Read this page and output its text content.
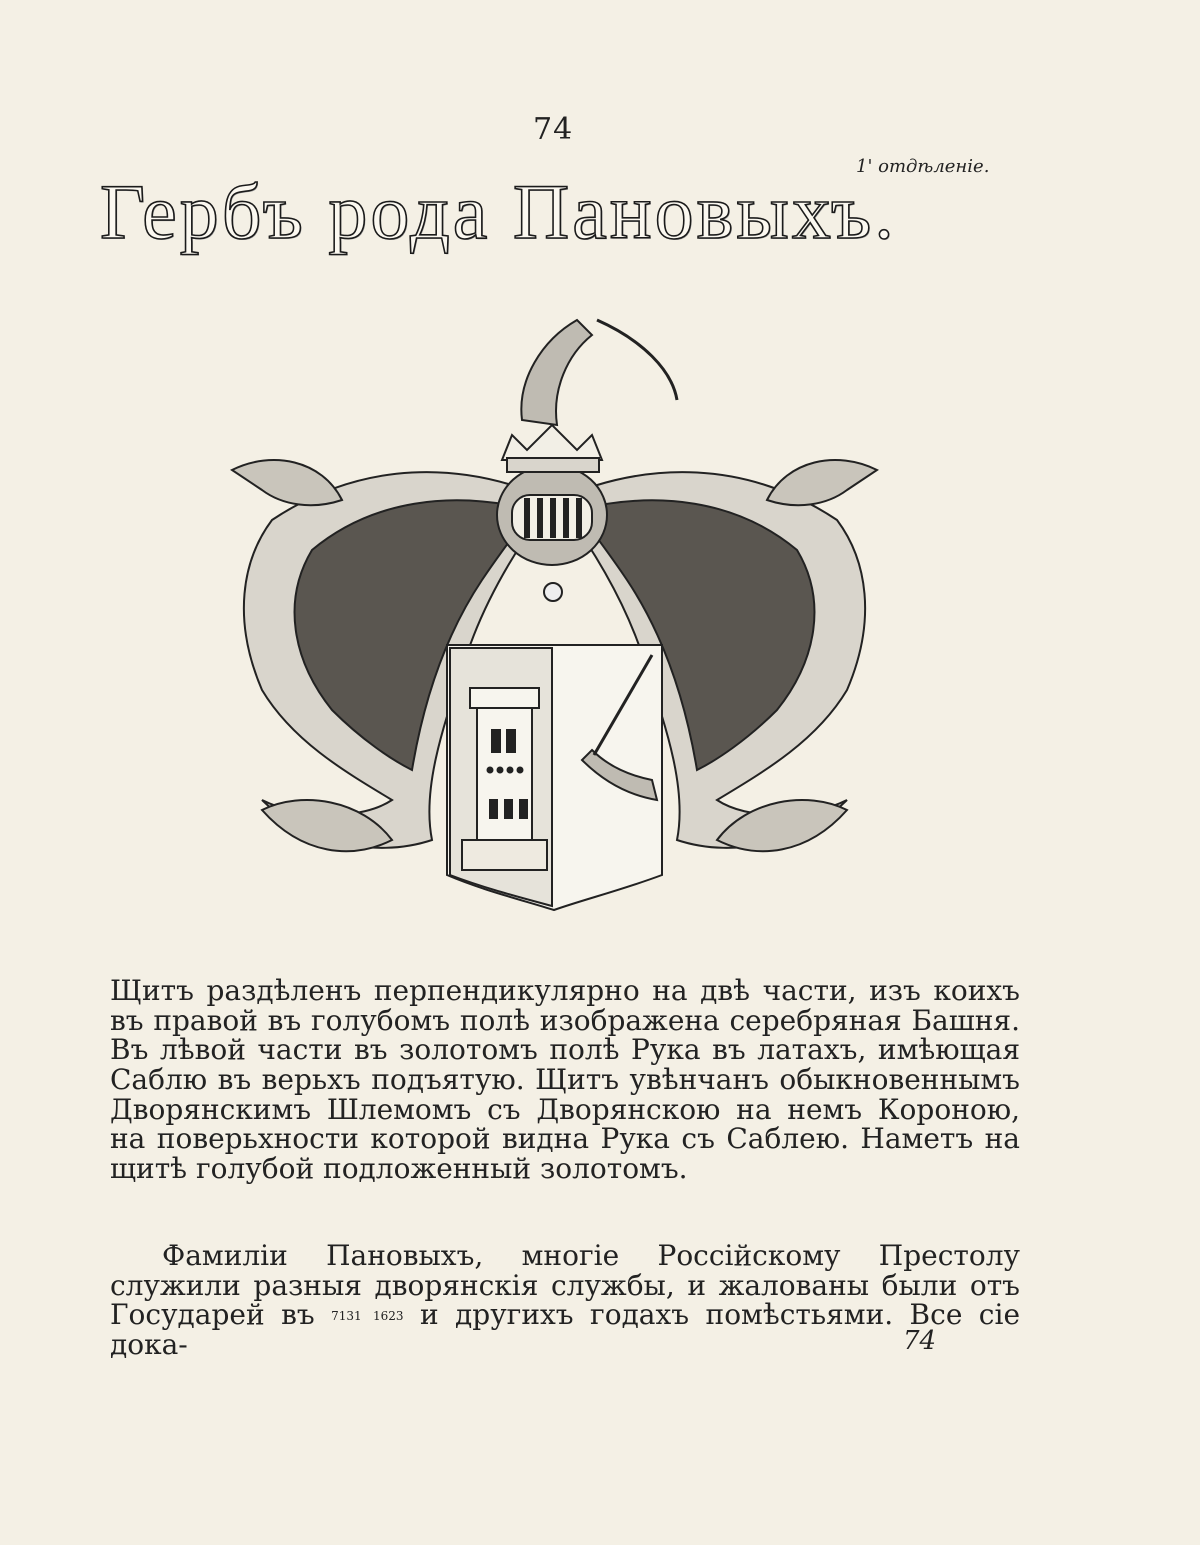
74
1' отдѣленіе.
Гербъ рода Пановыхъ.

Щитъ раздѣленъ перпендикулярно на двѣ части, изъ коихъ въ правой въ голубомъ полѣ изображена серебряная Башня. Въ лѣвой части въ золотомъ полѣ Рука въ латахъ, имѣющая Саблю въ верьхъ подъятую. Щитъ увѣнчанъ обыкновеннымъ Дворянскимъ Шлемомъ съ Дворянскою на немъ Короною, на поверьхности которой видна Рука съ Саблею. Наметъ на щитѣ голубой подложенный золотомъ.

Фамиліи Пановыхъ, многіе Россійскому Престолу служили разныя дворянскія службы, и жалованы были отъ Государей въ 7131 1623 и другихъ годахъ помѣстьями. Все сіе дока-	74
